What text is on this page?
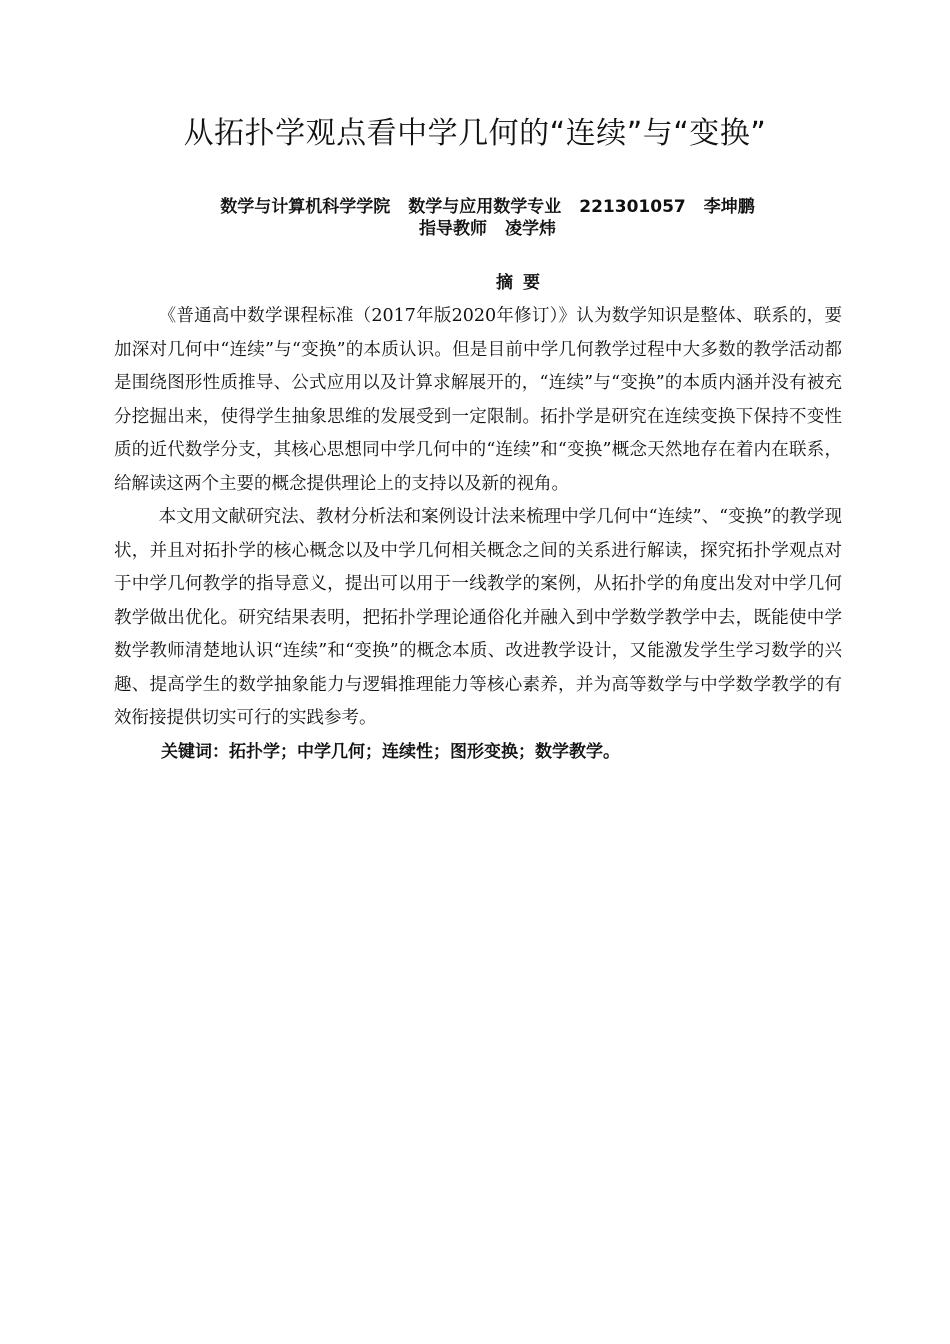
从拓扑学观点看中学几何的“连续”与“变换”
数学与计算机科学学院 数学与应用数学专业 221301057 李坤鹏
指导教师 凌学炜
摘要

《普通高中数学课程标准（2017年版2020年修订）》认为数学知识是整体、联系的，要加深对几何中“连续”与“变换”的本质认识。但是目前中学几何教学过程中大多数的教学活动都是围绕图形性质推导、公式应用以及计算求解展开的，“连续”与“变换”的本质内涵并没有被充分挖掘出来，使得学生抽象思维的发展受到一定限制。拓扑学是研究在连续变换下保持不变性质的近代数学分支，其核心思想同中学几何中的“连续”和“变换”概念天然地存在着内在联系，给解读这两个主要的概念提供理论上的支持以及新的视角。

本文用文献研究法、教材分析法和案例设计法来梳理中学几何中“连续”、“变换”的教学现状，并且对拓扑学的核心概念以及中学几何相关概念之间的关系进行解读，探究拓扑学观点对于中学几何教学的指导意义，提出可以用于一线教学的案例，从拓扑学的角度出发对中学几何教学做出优化。研究结果表明，把拓扑学理论通俗化并融入到中学数学教学中去，既能使中学数学教师清楚地认识“连续”和“变换”的概念本质、改进教学设计，又能激发学生学习数学的兴趣、提高学生的数学抽象能力与逻辑推理能力等核心素养，并为高等数学与中学数学教学的有效衔接提供切实可行的实践参考。

关键词：拓扑学；中学几何；连续性；图形变换；数学教学。
